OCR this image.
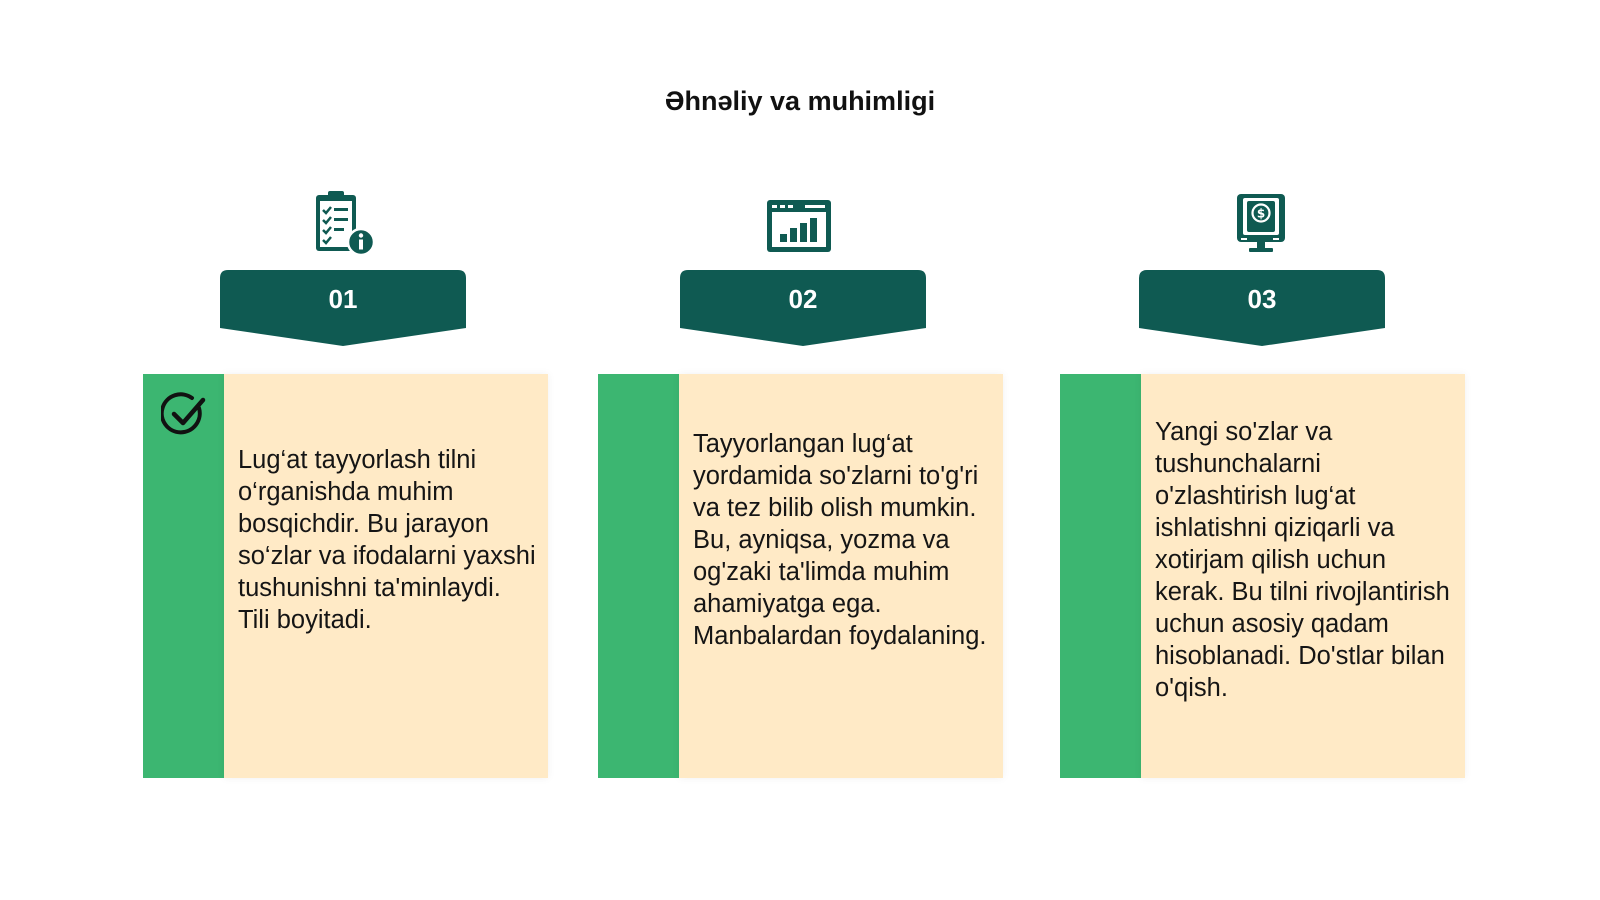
Əhnəliy va muhimligi
01
Lug‘at tayyorlash tilni o‘rganishda muhim bosqichdir. Bu jarayon so‘zlar va ifodalarni yaxshi tushunishni ta'minlaydi. Tili boyitadi.
02
Tayyorlangan lug‘at yordamida so'zlarni to'g'ri va tez bilib olish mumkin. Bu, ayniqsa, yozma va og'zaki ta'limda muhim ahamiyatga ega. Manbalardan foydalaning.
$
03
Yangi so'zlar va tushunchalarni o'zlashtirish lug‘at ishlatishni qiziqarli va xotirjam qilish uchun kerak. Bu tilni rivojlantirish uchun asosiy qadam hisoblanadi. Do'stlar bilan o'qish.
